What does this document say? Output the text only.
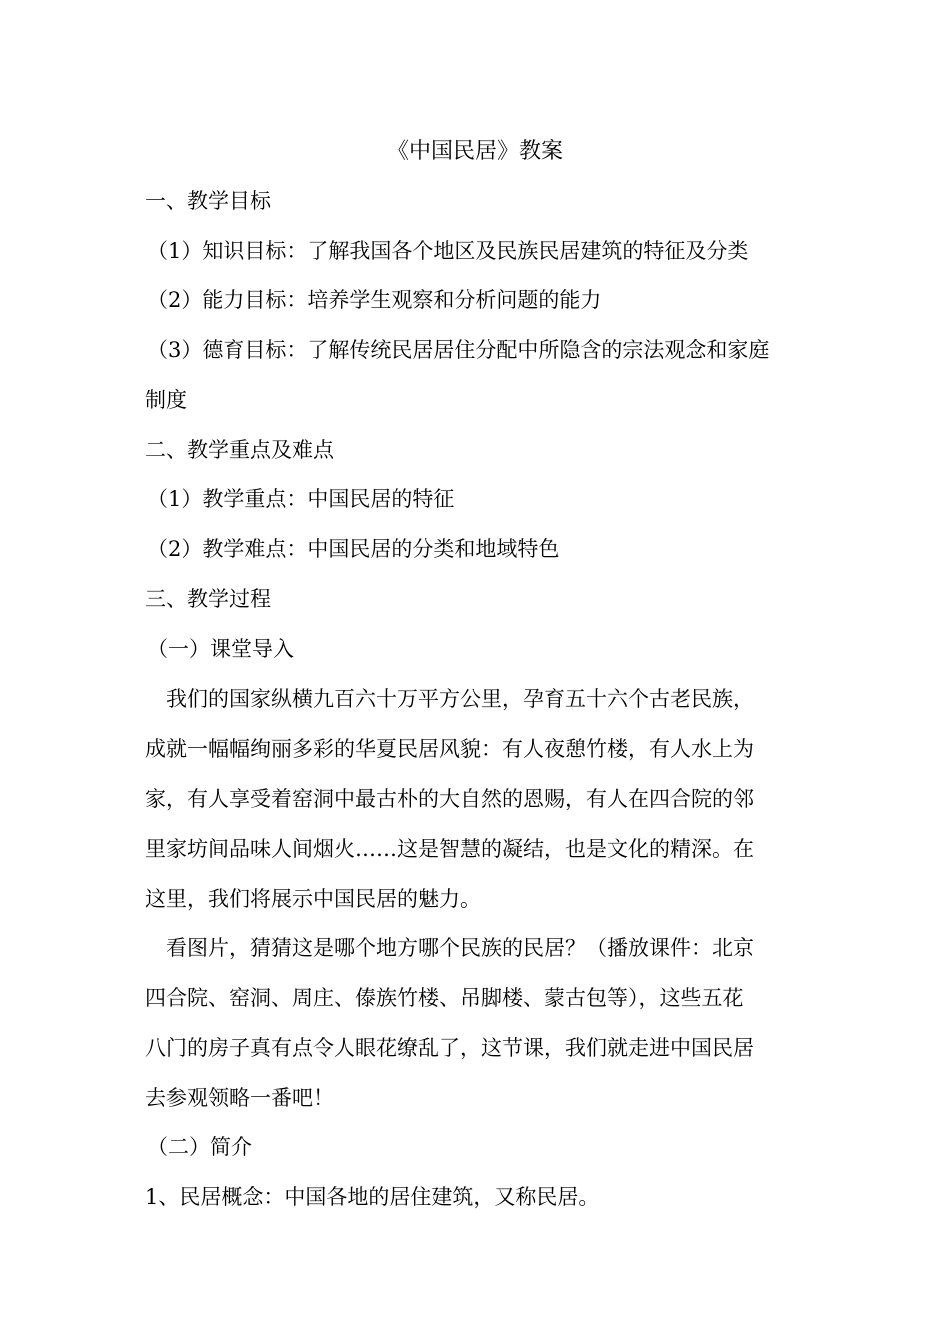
《中国民居》教案
一、教学目标
（1）知识目标：了解我国各个地区及民族民居建筑的特征及分类
（2）能力目标：培养学生观察和分析问题的能力
（3）德育目标：了解传统民居居住分配中所隐含的宗法观念和家庭
制度
二、教学重点及难点
（1）教学重点：中国民居的特征
（2）教学难点：中国民居的分类和地域特色
三、教学过程
（一）课堂导入
我们的国家纵横九百六十万平方公里，孕育五十六个古老民族，
成就一幅幅绚丽多彩的华夏民居风貌：有人夜憩竹楼，有人水上为
家，有人享受着窑洞中最古朴的大自然的恩赐，有人在四合院的邻
里家坊间品味人间烟火……这是智慧的凝结，也是文化的精深。在
这里，我们将展示中国民居的魅力。
看图片，猜猜这是哪个地方哪个民族的民居？（播放课件：北京
四合院、窑洞、周庄、傣族竹楼、吊脚楼、蒙古包等），这些五花
八门的房子真有点令人眼花缭乱了，这节课，我们就走进中国民居
去参观领略一番吧！
（二）简介
1、民居概念：中国各地的居住建筑，又称民居。
